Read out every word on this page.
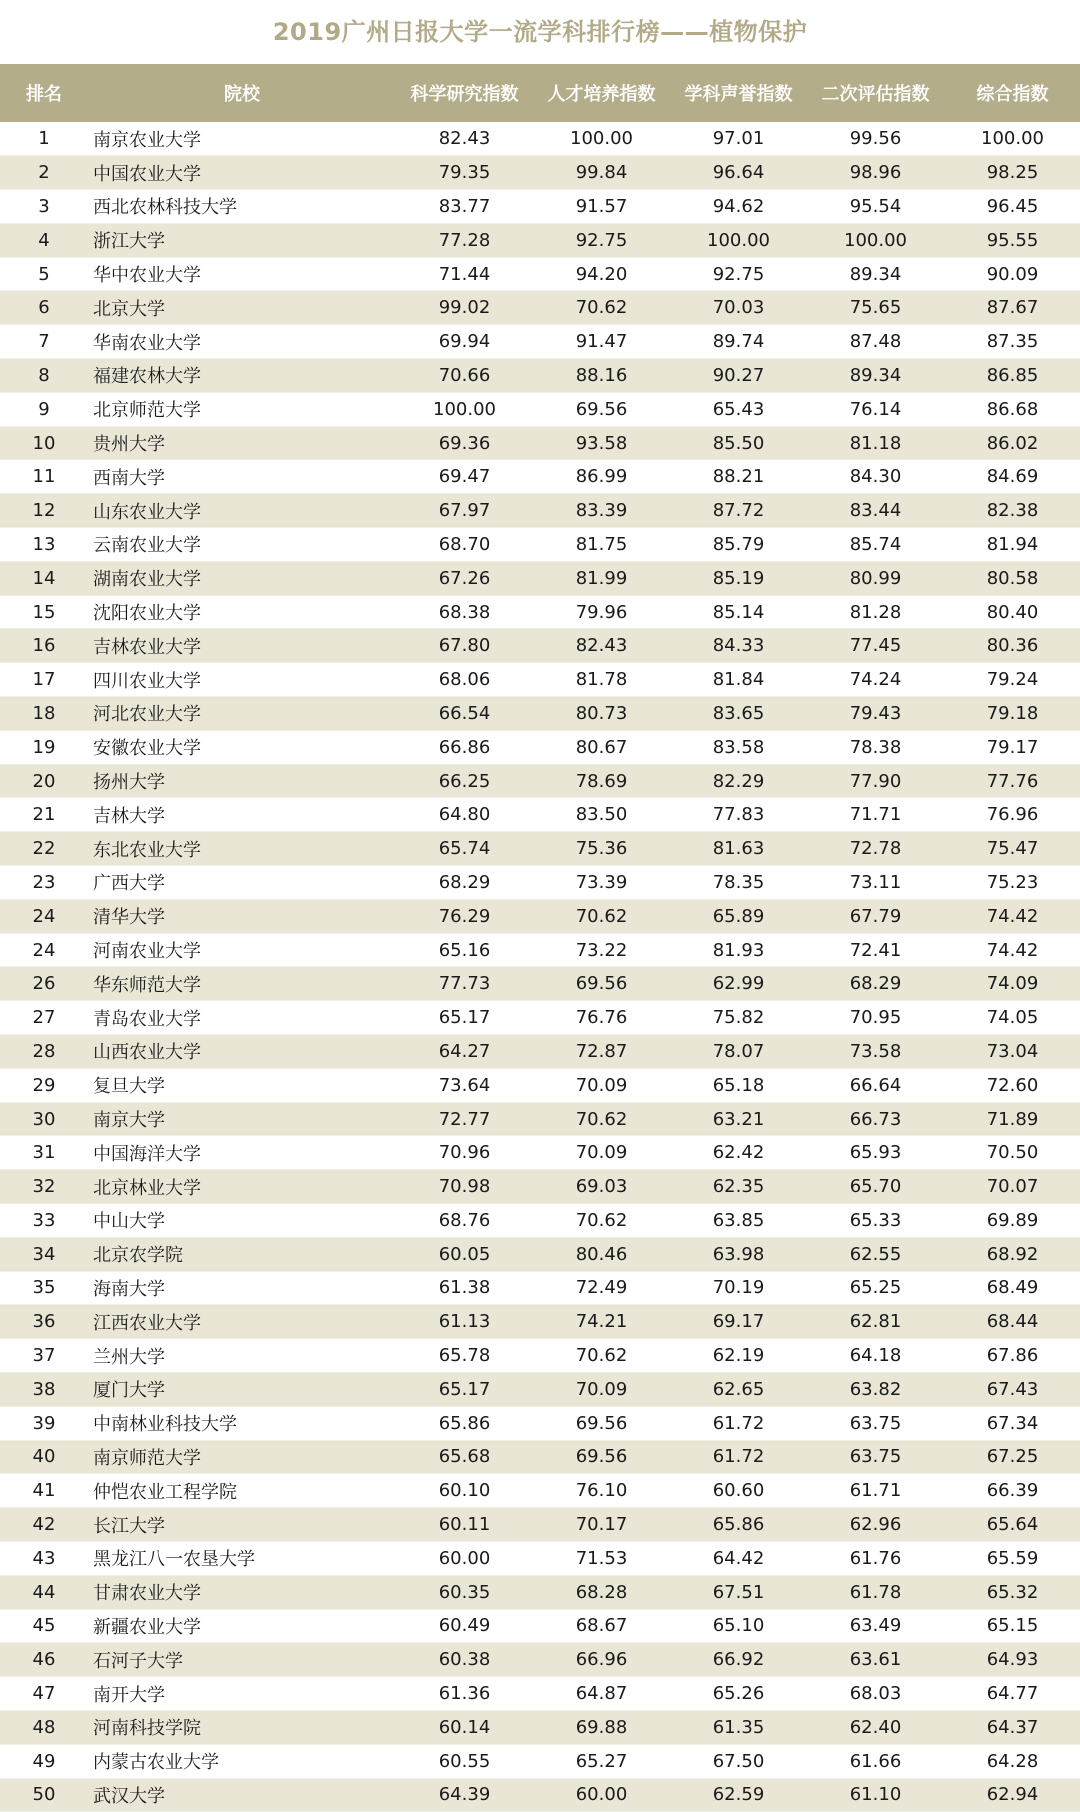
2019广州日报大学一流学科排行榜——植物保护
排名	院校	科学研究指数	人才培养指数	学科声誉指数	二次评估指数	综合指数
1	南京农业大学	82.43	100.00	97.01	99.56	100.00
2	中国农业大学	79.35	99.84	96.64	98.96	98.25
3	西北农林科技大学	83.77	91.57	94.62	95.54	96.45
4	浙江大学	77.28	92.75	100.00	100.00	95.55
5	华中农业大学	71.44	94.20	92.75	89.34	90.09
6	北京大学	99.02	70.62	70.03	75.65	87.67
7	华南农业大学	69.94	91.47	89.74	87.48	87.35
8	福建农林大学	70.66	88.16	90.27	89.34	86.85
9	北京师范大学	100.00	69.56	65.43	76.14	86.68
10	贵州大学	69.36	93.58	85.50	81.18	86.02
11	西南大学	69.47	86.99	88.21	84.30	84.69
12	山东农业大学	67.97	83.39	87.72	83.44	82.38
13	云南农业大学	68.70	81.75	85.79	85.74	81.94
14	湖南农业大学	67.26	81.99	85.19	80.99	80.58
15	沈阳农业大学	68.38	79.96	85.14	81.28	80.40
16	吉林农业大学	67.80	82.43	84.33	77.45	80.36
17	四川农业大学	68.06	81.78	81.84	74.24	79.24
18	河北农业大学	66.54	80.73	83.65	79.43	79.18
19	安徽农业大学	66.86	80.67	83.58	78.38	79.17
20	扬州大学	66.25	78.69	82.29	77.90	77.76
21	吉林大学	64.80	83.50	77.83	71.71	76.96
22	东北农业大学	65.74	75.36	81.63	72.78	75.47
23	广西大学	68.29	73.39	78.35	73.11	75.23
24	清华大学	76.29	70.62	65.89	67.79	74.42
24	河南农业大学	65.16	73.22	81.93	72.41	74.42
26	华东师范大学	77.73	69.56	62.99	68.29	74.09
27	青岛农业大学	65.17	76.76	75.82	70.95	74.05
28	山西农业大学	64.27	72.87	78.07	73.58	73.04
29	复旦大学	73.64	70.09	65.18	66.64	72.60
30	南京大学	72.77	70.62	63.21	66.73	71.89
31	中国海洋大学	70.96	70.09	62.42	65.93	70.50
32	北京林业大学	70.98	69.03	62.35	65.70	70.07
33	中山大学	68.76	70.62	63.85	65.33	69.89
34	北京农学院	60.05	80.46	63.98	62.55	68.92
35	海南大学	61.38	72.49	70.19	65.25	68.49
36	江西农业大学	61.13	74.21	69.17	62.81	68.44
37	兰州大学	65.78	70.62	62.19	64.18	67.86
38	厦门大学	65.17	70.09	62.65	63.82	67.43
39	中南林业科技大学	65.86	69.56	61.72	63.75	67.34
40	南京师范大学	65.68	69.56	61.72	63.75	67.25
41	仲恺农业工程学院	60.10	76.10	60.60	61.71	66.39
42	长江大学	60.11	70.17	65.86	62.96	65.64
43	黑龙江八一农垦大学	60.00	71.53	64.42	61.76	65.59
44	甘肃农业大学	60.35	68.28	67.51	61.78	65.32
45	新疆农业大学	60.49	68.67	65.10	63.49	65.15
46	石河子大学	60.38	66.96	66.92	63.61	64.93
47	南开大学	61.36	64.87	65.26	68.03	64.77
48	河南科技学院	60.14	69.88	61.35	62.40	64.37
49	内蒙古农业大学	60.55	65.27	67.50	61.66	64.28
50	武汉大学	64.39	60.00	62.59	61.10	62.94
